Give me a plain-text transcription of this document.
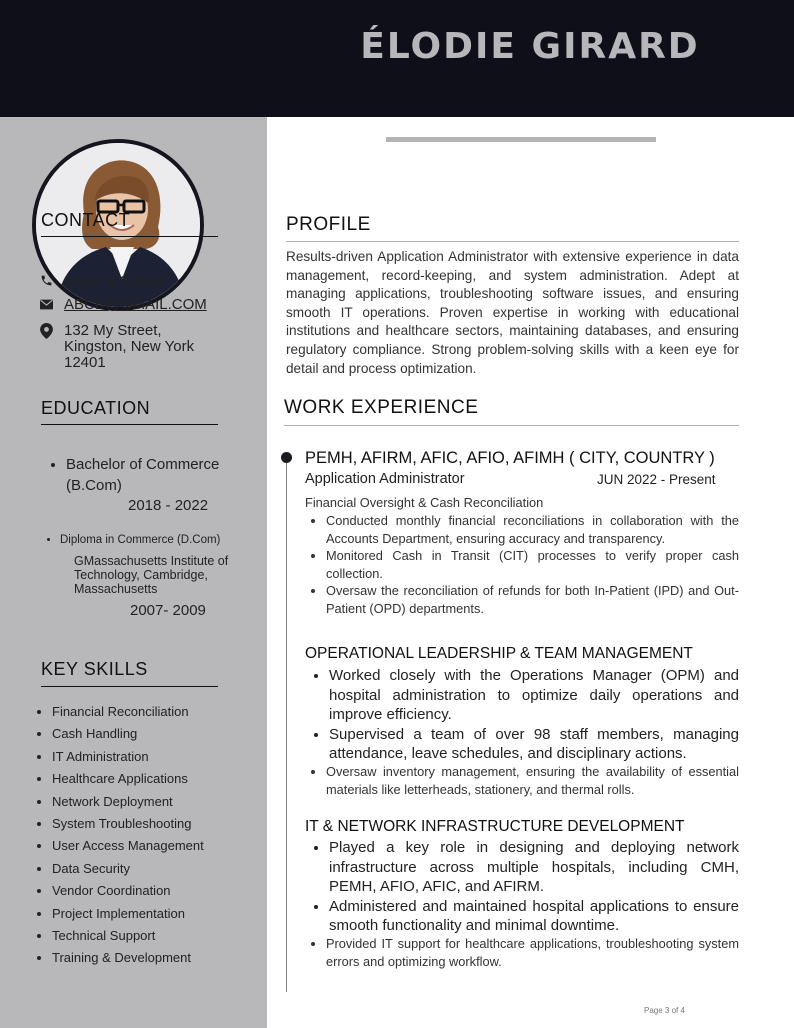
ÉLODIE GIRARD
CONTACT
(555) 123-4567
ABCD@GMAIL.COM
132 My Street,
Kingston, New York
12401
EDUCATION
• Bachelor of Commerce (B.Com)
2018 - 2022
• Diploma in Commerce (D.Com)
GMassachusetts Institute of Technology, Cambridge, Massachusetts
2007- 2009
KEY SKILLS
• Financial Reconciliation
• Cash Handling
• IT Administration
• Healthcare Applications
• Network Deployment
• System Troubleshooting
• User Access Management
• Data Security
• Vendor Coordination
• Project Implementation
• Technical Support
• Training & Development
PROFILE
Results-driven Application Administrator with extensive experience in data management, record-keeping, and system administration. Adept at managing applications, troubleshooting software issues, and ensuring smooth IT operations. Proven expertise in working with educational institutions and healthcare sectors, maintaining databases, and ensuring regulatory compliance. Strong problem-solving skills with a keen eye for detail and process optimization.
WORK EXPERIENCE
PEMH, AFIRM, AFIC, AFIO, AFIMH ( CITY, COUNTRY )
Application Administrator	JUN 2022 - Present
Financial Oversight & Cash Reconciliation
• Conducted monthly financial reconciliations in collaboration with the Accounts Department, ensuring accuracy and transparency.
• Monitored Cash in Transit (CIT) processes to verify proper cash collection.
• Oversaw the reconciliation of refunds for both In-Patient (IPD) and Out-Patient (OPD) departments.
OPERATIONAL LEADERSHIP & TEAM MANAGEMENT
• Worked closely with the Operations Manager (OPM) and hospital administration to optimize daily operations and improve efficiency.
• Supervised a team of over 98 staff members, managing attendance, leave schedules, and disciplinary actions.
• Oversaw inventory management, ensuring the availability of essential materials like letterheads, stationery, and thermal rolls.
IT & NETWORK INFRASTRUCTURE DEVELOPMENT
• Played a key role in designing and deploying network infrastructure across multiple hospitals, including CMH, PEMH, AFIO, AFIC, and AFIRM.
• Administered and maintained hospital applications to ensure smooth functionality and minimal downtime.
• Provided IT support for healthcare applications, troubleshooting system errors and optimizing workflow.
Page 3 of 4
